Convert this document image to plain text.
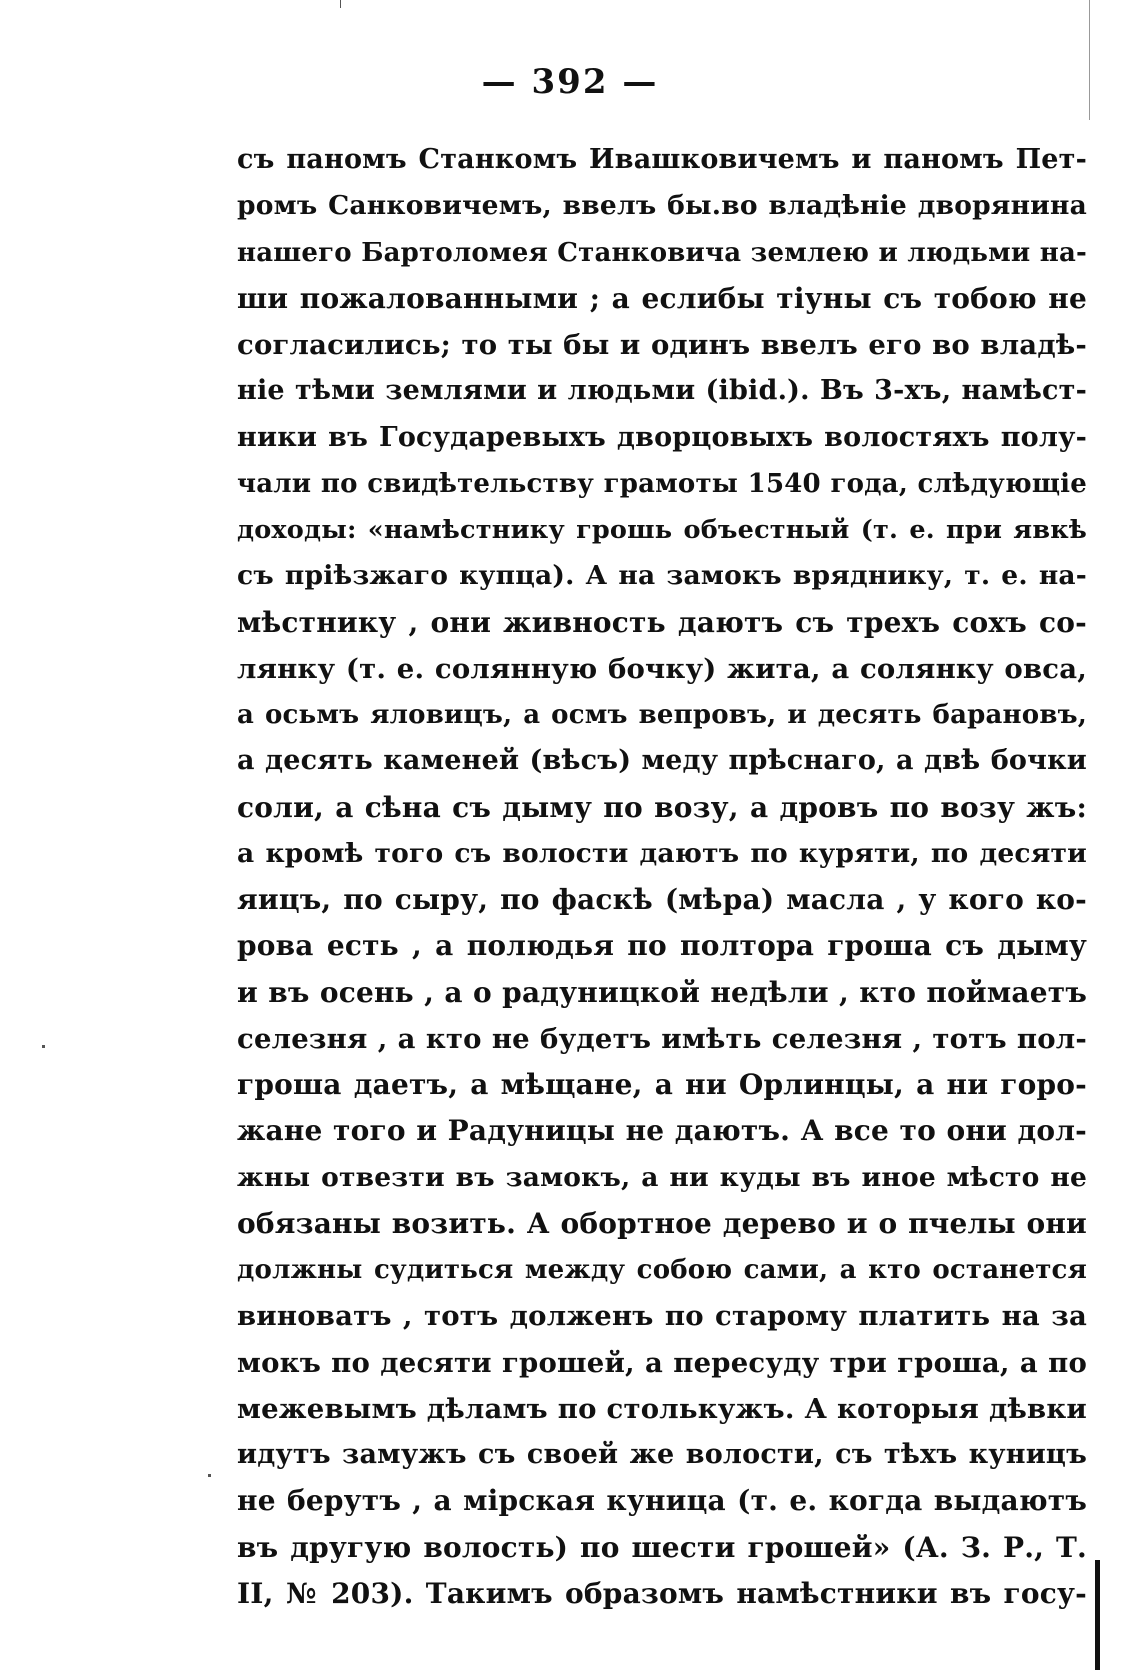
— 392 —
съ паномъ Станкомъ Ивашковичемъ и паномъ Пет-
ромъ Санковичемъ, ввелъ бы.во владѣніе дворянина
нашего Бартоломея Станковича землею и людьми на-
ши пожалованными ; а еслибы тіуны съ тобою не
согласились; то ты бы и одинъ ввелъ его во владѣ-
ніе тѣми землями и людьми (ibid.). Въ 3-хъ, намѣст-
ники въ Государевыхъ дворцовыхъ волостяхъ полу-
чали по свидѣтельству грамоты 1540 года, слѣдующіе
доходы: «намѣстнику грошь объестный (т. е. при явкѣ
съ пріѣзжаго купца). А на замокъ вряднику, т. е. на-
мѣстнику , они живность даютъ съ трехъ сохъ со-
лянку (т. е. солянную бочку) жита, а солянку овса,
а осьмъ яловицъ, а осмъ вепровъ, и десять барановъ,
а десять каменей (вѣсъ) меду прѣснаго, а двѣ бочки
соли, а сѣна съ дыму по возу, а дровъ по возу жъ:
а кромѣ того съ волости даютъ по куряти, по десяти
яицъ, по сыру, по фаскѣ (мѣра) масла , у кого ко-
рова есть , а полюдья по полтора гроша съ дыму
и въ осень , а о радуницкой недѣли , кто поймаетъ
селезня , а кто не будетъ имѣть селезня , тотъ пол-
гроша даетъ, а мѣщане, а ни Орлинцы, а ни горо-
жане того и Радуницы не даютъ. А все то они дол-
жны отвезти въ замокъ, а ни куды въ иное мѣсто не
обязаны возить. А обортное дерево и о пчелы они
должны судиться между собою сами, а кто останется
виноватъ , тотъ долженъ по старому платить на за
мокъ по десяти грошей, а пересуду три гроша, а по
межевымъ дѣламъ по столькужъ. А которыя дѣвки
идутъ замужъ съ своей же волости, съ тѣхъ куницъ
не берутъ , а мірская куница (т. е. когда выдаютъ
въ другую волость) по шести грошей» (А. З. Р., Т.
II, № 203). Такимъ образомъ намѣстники въ госу-
